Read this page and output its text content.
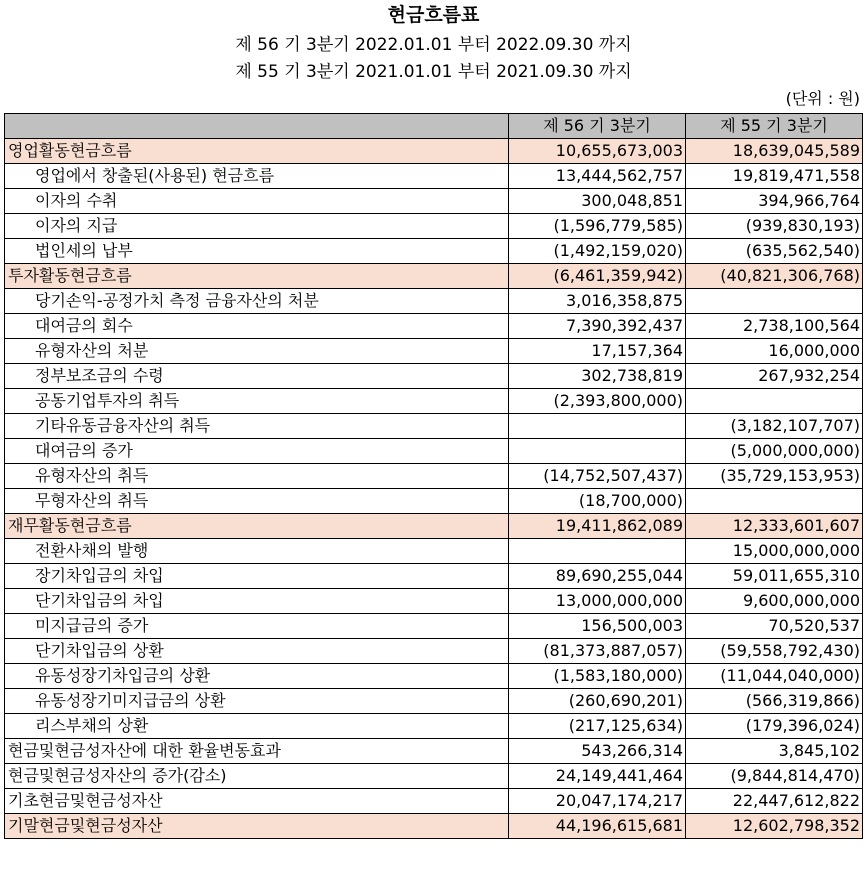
현금흐름표
제 56 기 3분기 2022.01.01 부터 2022.09.30 까지
제 55 기 3분기 2021.01.01 부터 2021.09.30 까지
(단위 : 원)
	제 56 기 3분기	제 55 기 3분기
영업활동현금흐름	10,655,673,003	18,639,045,589
영업에서 창출된(사용된) 현금흐름	13,444,562,757	19,819,471,558
이자의 수취	300,048,851	394,966,764
이자의 지급	(1,596,779,585)	(939,830,193)
법인세의 납부	(1,492,159,020)	(635,562,540)
투자활동현금흐름	(6,461,359,942)	(40,821,306,768)
당기손익-공정가치 측정 금융자산의 처분	3,016,358,875	
대여금의 회수	7,390,392,437	2,738,100,564
유형자산의 처분	17,157,364	16,000,000
정부보조금의 수령	302,738,819	267,932,254
공동기업투자의 취득	(2,393,800,000)	
기타유동금융자산의 취득		(3,182,107,707)
대여금의 증가		(5,000,000,000)
유형자산의 취득	(14,752,507,437)	(35,729,153,953)
무형자산의 취득	(18,700,000)	
재무활동현금흐름	19,411,862,089	12,333,601,607
전환사채의 발행		15,000,000,000
장기차입금의 차입	89,690,255,044	59,011,655,310
단기차입금의 차입	13,000,000,000	9,600,000,000
미지급금의 증가	156,500,003	70,520,537
단기차입금의 상환	(81,373,887,057)	(59,558,792,430)
유동성장기차입금의 상환	(1,583,180,000)	(11,044,040,000)
유동성장기미지급금의 상환	(260,690,201)	(566,319,866)
리스부채의 상환	(217,125,634)	(179,396,024)
현금및현금성자산에 대한 환율변동효과	543,266,314	3,845,102
현금및현금성자산의 증가(감소)	24,149,441,464	(9,844,814,470)
기초현금및현금성자산	20,047,174,217	22,447,612,822
기말현금및현금성자산	44,196,615,681	12,602,798,352
